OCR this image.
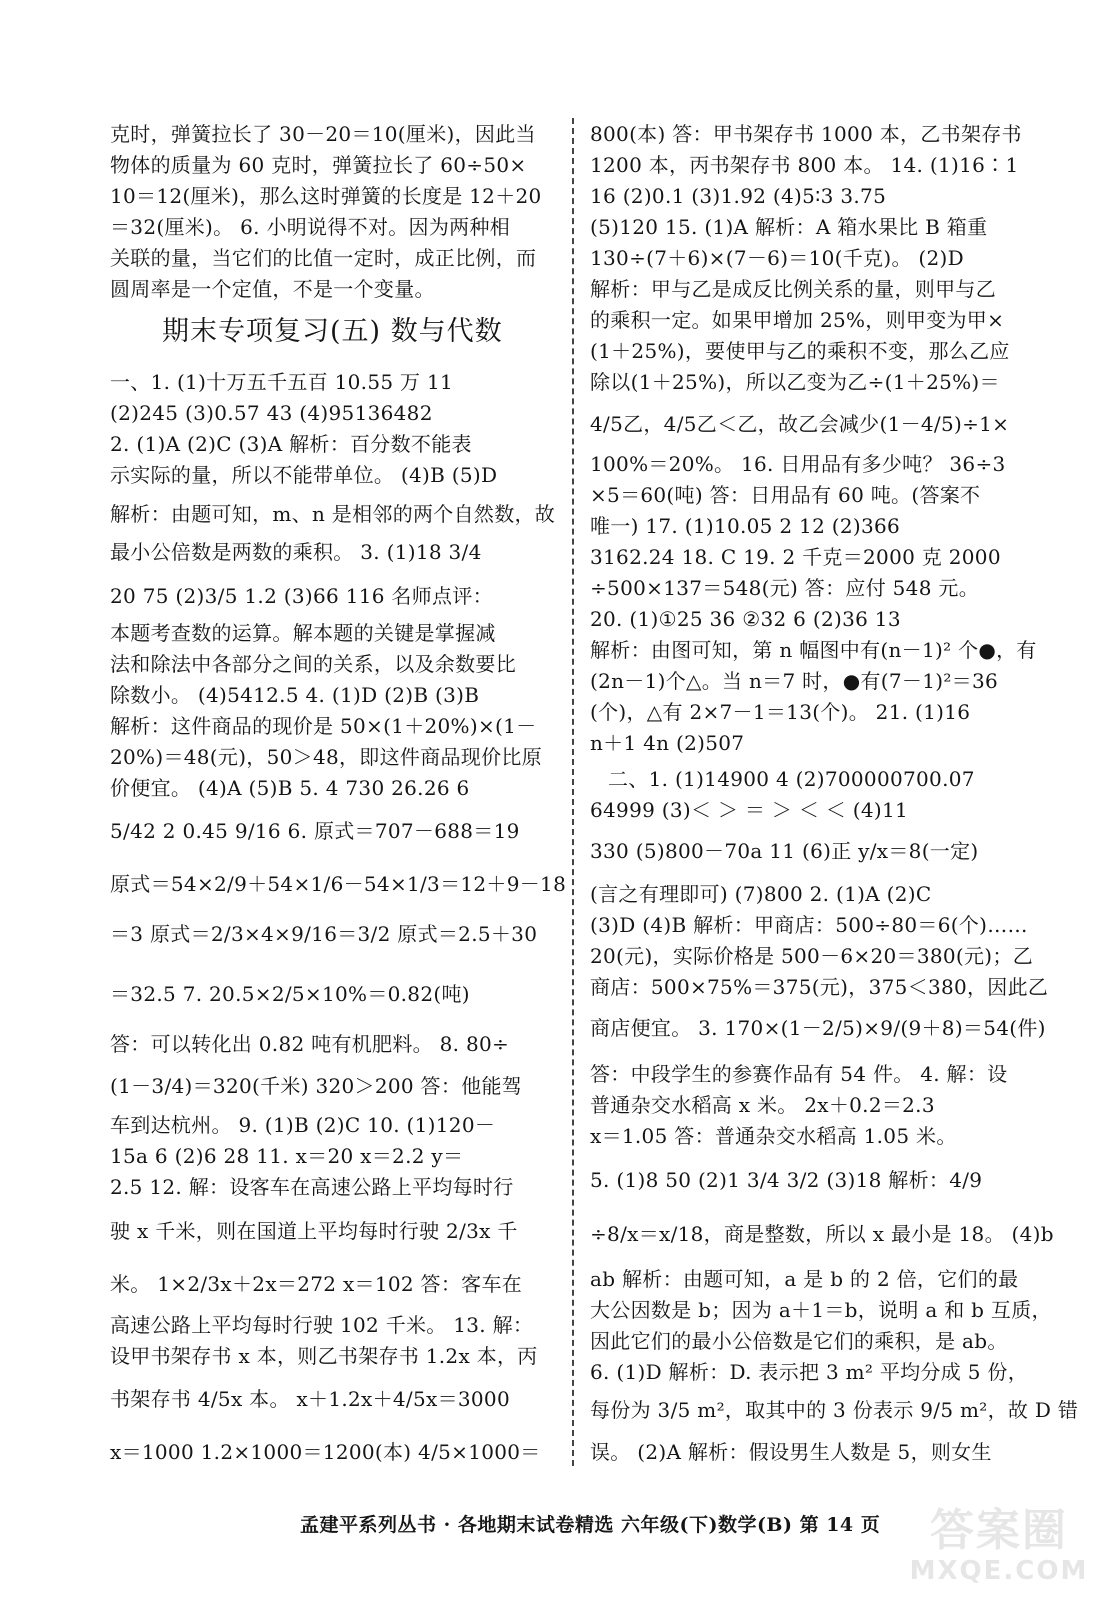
克时，弹簧拉长了 30－20＝10(厘米)，因此当
物体的质量为 60 克时，弹簧拉长了 60÷50×
10＝12(厘米)，那么这时弹簧的长度是 12＋20
＝32(厘米)。 6. 小明说得不对。因为两种相
关联的量，当它们的比值一定时，成正比例，而
圆周率是一个定值，不是一个变量。
期末专项复习(五) 数与代数
一、1. (1)十万五千五百 10.55 万 11
(2)245 (3)0.57 43 (4)95136482
2. (1)A (2)C (3)A 解析：百分数不能表
示实际的量，所以不能带单位。 (4)B (5)D
解析：由题可知，m、n 是相邻的两个自然数，故
最小公倍数是两数的乘积。 3. (1)18 3/4
20 75 (2)3/5 1.2 (3)66 116 名师点评：
本题考查数的运算。解本题的关键是掌握减
法和除法中各部分之间的关系，以及余数要比
除数小。 (4)5412.5 4. (1)D (2)B (3)B
解析：这件商品的现价是 50×(1＋20%)×(1－
20%)＝48(元)，50＞48，即这件商品现价比原
价便宜。 (4)A (5)B 5. 4 730 26.26 6
5/42 2 0.45 9/16 6. 原式＝707－688＝19
原式＝54×2/9＋54×1/6－54×1/3＝12＋9－18
＝3 原式＝2/3×4×9/16＝3/2 原式＝2.5＋30
＝32.5 7. 20.5×2/5×10%＝0.82(吨)
答：可以转化出 0.82 吨有机肥料。 8. 80÷
(1－3/4)＝320(千米) 320＞200 答：他能驾
车到达杭州。 9. (1)B (2)C 10. (1)120－
15a 6 (2)6 28 11. x＝20 x＝2.2 y＝
2.5 12. 解：设客车在高速公路上平均每时行
驶 x 千米，则在国道上平均每时行驶 2/3x 千
米。 1×2/3x＋2x＝272 x＝102 答：客车在
高速公路上平均每时行驶 102 千米。 13. 解：
设甲书架存书 x 本，则乙书架存书 1.2x 本，丙
书架存书 4/5x 本。 x＋1.2x＋4/5x＝3000
x＝1000 1.2×1000＝1200(本) 4/5×1000＝
800(本) 答：甲书架存书 1000 本，乙书架存书
1200 本，丙书架存书 800 本。 14. (1)16∶1
16 (2)0.1 (3)1.92 (4)5∶3 3.75
(5)120 15. (1)A 解析：A 箱水果比 B 箱重
130÷(7＋6)×(7－6)＝10(千克)。 (2)D
解析：甲与乙是成反比例关系的量，则甲与乙
的乘积一定。如果甲增加 25%，则甲变为甲×
(1＋25%)，要使甲与乙的乘积不变，那么乙应
除以(1＋25%)，所以乙变为乙÷(1＋25%)＝
4/5乙，4/5乙＜乙，故乙会减少(1－4/5)÷1×
100%＝20%。 16. 日用品有多少吨？ 36÷3
×5＝60(吨) 答：日用品有 60 吨。(答案不
唯一) 17. (1)10.05 2 12 (2)366
3162.24 18. C 19. 2 千克＝2000 克 2000
÷500×137＝548(元) 答：应付 548 元。
20. (1)①25 36 ②32 6 (2)36 13
解析：由图可知，第 n 幅图中有(n－1)² 个●，有
(2n－1)个△。当 n＝7 时，●有(7－1)²＝36
(个)，△有 2×7－1＝13(个)。 21. (1)16
n＋1 4n (2)507
二、1. (1)14900 4 (2)700000700.07
64999 (3)＜ ＞ ＝ ＞ ＜ ＜ (4)11
330 (5)800－70a 11 (6)正 y/x＝8(一定)
(言之有理即可) (7)800 2. (1)A (2)C
(3)D (4)B 解析：甲商店：500÷80＝6(个)……
20(元)，实际价格是 500－6×20＝380(元)；乙
商店：500×75%＝375(元)，375＜380，因此乙
商店便宜。 3. 170×(1－2/5)×9/(9＋8)＝54(件)
答：中段学生的参赛作品有 54 件。 4. 解：设
普通杂交水稻高 x 米。 2x＋0.2＝2.3
x＝1.05 答：普通杂交水稻高 1.05 米。
5. (1)8 50 (2)1 3/4 3/2 (3)18 解析：4/9
÷8/x＝x/18，商是整数，所以 x 最小是 18。 (4)b
ab 解析：由题可知，a 是 b 的 2 倍，它们的最
大公因数是 b；因为 a＋1＝b，说明 a 和 b 互质，
因此它们的最小公倍数是它们的乘积，是 ab。
6. (1)D 解析：D. 表示把 3 m² 平均分成 5 份，
每份为 3/5 m²，取其中的 3 份表示 9/5 m²，故 D 错
误。 (2)A 解析：假设男生人数是 5，则女生
孟建平系列丛书 · 各地期末试卷精选 六年级(下)数学(B) 第 14 页	答案圈
MXQE.COM
